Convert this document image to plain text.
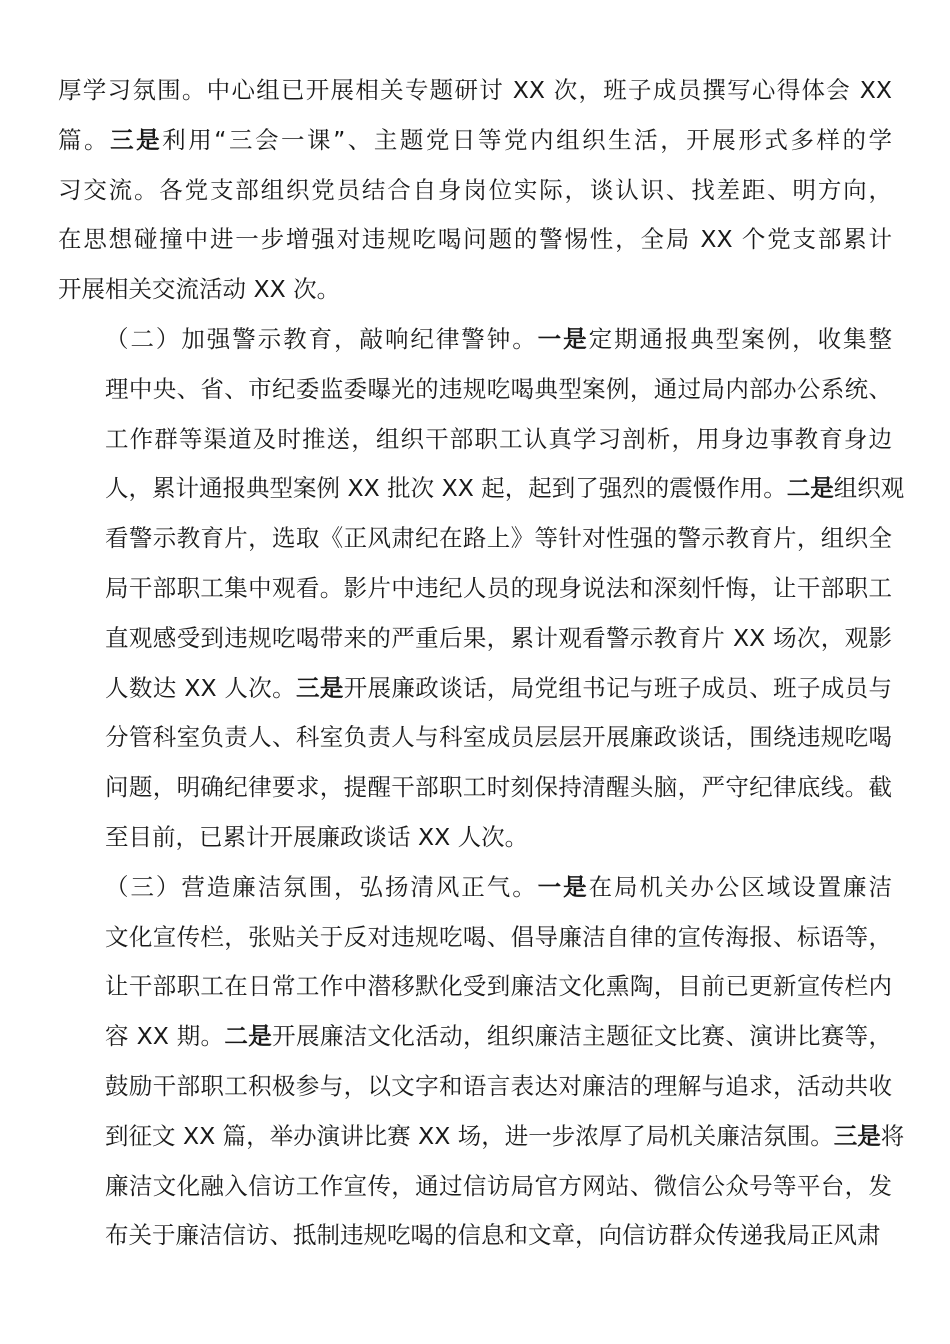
厚学习氛围。中心组已开展相关专题研讨 XX 次，班子成员撰写心得体会 XX
篇。三是利用“三会一课”、主题党日等党内组织生活，开展形式多样的学
习交流。各党支部组织党员结合自身岗位实际，谈认识、找差距、明方向，
在思想碰撞中进一步增强对违规吃喝问题的警惕性，全局 XX 个党支部累计
开展相关交流活动 XX 次。
（二）加强警示教育，敲响纪律警钟。一是定期通报典型案例，收集整
理中央、省、市纪委监委曝光的违规吃喝典型案例，通过局内部办公系统、
工作群等渠道及时推送，组织干部职工认真学习剖析，用身边事教育身边
人，累计通报典型案例 XX 批次 XX 起，起到了强烈的震慑作用。二是组织观
看警示教育片，选取《正风肃纪在路上》等针对性强的警示教育片，组织全
局干部职工集中观看。影片中违纪人员的现身说法和深刻忏悔，让干部职工
直观感受到违规吃喝带来的严重后果，累计观看警示教育片 XX 场次，观影
人数达 XX 人次。三是开展廉政谈话，局党组书记与班子成员、班子成员与
分管科室负责人、科室负责人与科室成员层层开展廉政谈话，围绕违规吃喝
问题，明确纪律要求，提醒干部职工时刻保持清醒头脑，严守纪律底线。截
至目前，已累计开展廉政谈话 XX 人次。
（三）营造廉洁氛围，弘扬清风正气。一是在局机关办公区域设置廉洁
文化宣传栏，张贴关于反对违规吃喝、倡导廉洁自律的宣传海报、标语等，
让干部职工在日常工作中潜移默化受到廉洁文化熏陶，目前已更新宣传栏内
容 XX 期。二是开展廉洁文化活动，组织廉洁主题征文比赛、演讲比赛等，
鼓励干部职工积极参与，以文字和语言表达对廉洁的理解与追求，活动共收
到征文 XX 篇，举办演讲比赛 XX 场，进一步浓厚了局机关廉洁氛围。三是将
廉洁文化融入信访工作宣传，通过信访局官方网站、微信公众号等平台，发
布关于廉洁信访、抵制违规吃喝的信息和文章，向信访群众传递我局正风肃
